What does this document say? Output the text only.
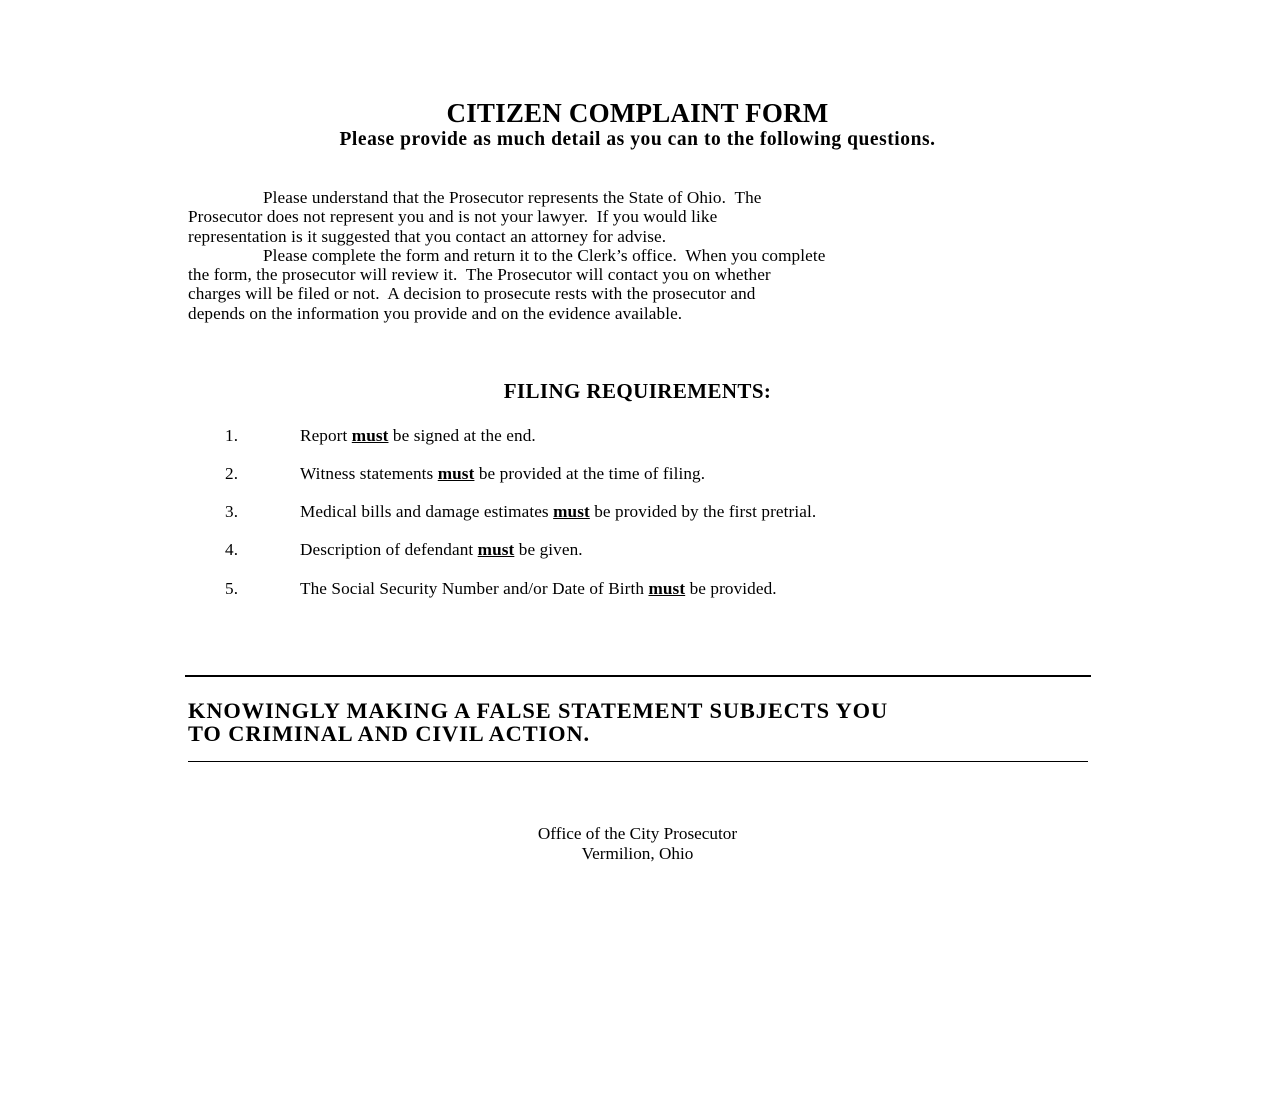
CITIZEN COMPLAINT FORM
Please provide as much detail as you can to the following questions.
Please understand that the Prosecutor represents the State of Ohio.  The
Prosecutor does not represent you and is not your lawyer.  If you would like
representation is it suggested that you contact an attorney for advise.
Please complete the form and return it to the Clerk’s office.  When you complete
the form, the prosecutor will review it.  The Prosecutor will contact you on whether
charges will be filed or not.  A decision to prosecute rests with the prosecutor and
depends on the information you provide and on the evidence available.
FILING REQUIREMENTS:
1.	Report must be signed at the end.
2.	Witness statements must be provided at the time of filing.
3.	Medical bills and damage estimates must be provided by the first pretrial.
4.	Description of defendant must be given.
5.	The Social Security Number and/or Date of Birth must be provided.
KNOWINGLY MAKING A FALSE STATEMENT SUBJECTS YOU
TO CRIMINAL AND CIVIL ACTION.
Office of the City Prosecutor
Vermilion, Ohio
